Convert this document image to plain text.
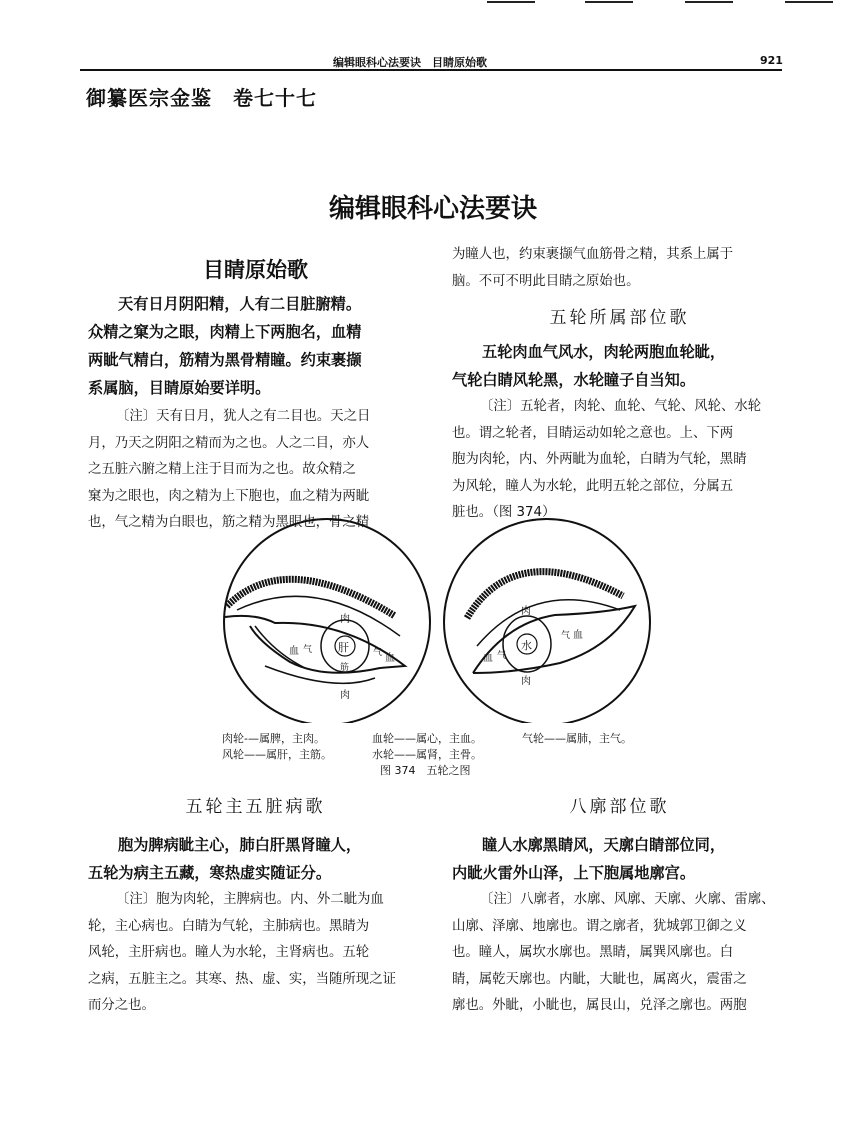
编辑眼科心法要诀　目睛原始歌	921
御纂医宗金鉴　卷七十七
编辑眼科心法要诀
目睛原始歌
天有日月阴阳精，人有二目脏腑精。
众精之窠为之眼，肉精上下两胞名，血精
两眦气精白，筋精为黑骨精瞳。约束裹撷
系属脑，目睛原始要详明。
〔注〕天有日月，犹人之有二目也。天之日
月，乃天之阴阳之精而为之也。人之二目，亦人
之五脏六腑之精上注于目而为之也。故众精之
窠为之眼也，肉之精为上下胞也，血之精为两眦
也，气之精为白眼也，筋之精为黑眼也，骨之精
为瞳人也，约束裹撷气血筋骨之精，其系上属于
脑。不可不明此目睛之原始也。
五轮所属部位歌
五轮肉血气风水，肉轮两胞血轮眦，
气轮白睛风轮黑，水轮瞳子自当知。
〔注〕五轮者，肉轮、血轮、气轮、风轮、水轮
也。谓之轮者，目睛运动如轮之意也。上、下两
胞为肉轮，内、外两眦为血轮，白睛为气轮，黑睛
为风轮，瞳人为水轮，此明五轮之部位，分属五
脏也。（图 374）
肝
肉
肉
筋
血 气	气 血
水
肉
肉
血 气
气 血
肉轮-—属脾，主肉。	血轮——属心，主血。	气轮——属肺，主气。
风轮——属肝，主筋。	水轮——属肾，主骨。
图 374　五轮之图
五轮主五脏病歌
胞为脾病眦主心，肺白肝黑肾瞳人，
五轮为病主五藏，寒热虚实随证分。
〔注〕胞为肉轮，主脾病也。内、外二眦为血
轮，主心病也。白睛为气轮，主肺病也。黑睛为
风轮，主肝病也。瞳人为水轮，主肾病也。五轮
之病，五脏主之。其寒、热、虚、实，当随所现之证
而分之也。
八廓部位歌
瞳人水廓黑睛风，天廓白睛部位同，
内眦火雷外山泽，上下胞属地廓宫。
〔注〕八廓者，水廓、风廓、天廓、火廓、雷廓、
山廓、泽廓、地廓也。谓之廓者，犹城郭卫御之义
也。瞳人，属坎水廓也。黑睛，属巽风廓也。白
睛，属乾天廓也。内眦，大眦也，属离火，震雷之
廓也。外眦，小眦也，属艮山，兑泽之廓也。两胞
